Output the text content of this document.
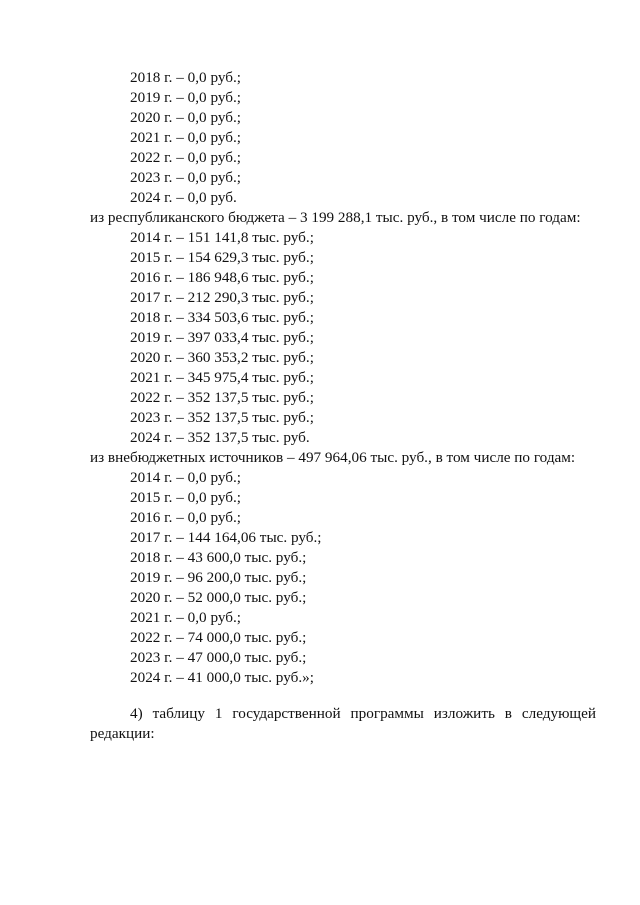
2018 г. – 0,0 руб.;
2019 г. – 0,0 руб.;
2020 г. – 0,0 руб.;
2021 г. – 0,0 руб.;
2022 г. – 0,0 руб.;
2023 г. – 0,0 руб.;
2024 г. – 0,0 руб.
из республиканского бюджета – 3 199 288,1 тыс. руб., в том числе по годам:
2014 г. – 151 141,8 тыс. руб.;
2015 г. – 154 629,3 тыс. руб.;
2016 г. – 186 948,6 тыс. руб.;
2017 г. – 212 290,3 тыс. руб.;
2018 г. – 334 503,6 тыс. руб.;
2019 г. – 397 033,4 тыс. руб.;
2020 г. – 360 353,2 тыс. руб.;
2021 г. – 345 975,4 тыс. руб.;
2022 г. – 352 137,5 тыс. руб.;
2023 г. – 352 137,5 тыс. руб.;
2024 г. – 352 137,5 тыс. руб.
из внебюджетных источников – 497 964,06 тыс. руб., в том числе по годам:
2014 г. – 0,0 руб.;
2015 г. – 0,0 руб.;
2016 г. – 0,0 руб.;
2017 г. – 144 164,06 тыс. руб.;
2018 г. – 43 600,0 тыс. руб.;
2019 г. – 96 200,0 тыс. руб.;
2020 г. – 52 000,0 тыс. руб.;
2021 г. – 0,0 руб.;
2022 г. – 74 000,0 тыс. руб.;
2023 г. – 47 000,0 тыс. руб.;
2024 г. – 41 000,0 тыс. руб.»;
4) таблицу 1 государственной программы изложить в следующей
редакции:
